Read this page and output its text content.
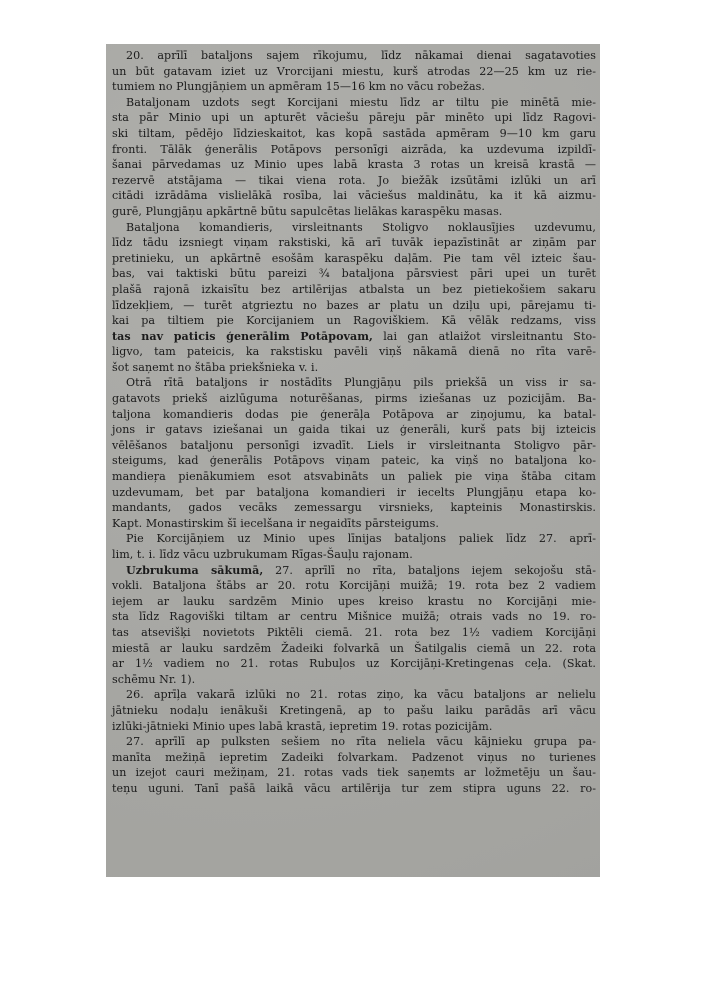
20. aprīlī bataljons sajem rīkojumu, līdz nākamai dienai sagatavoties
un būt gatavam iziet uz Vrorcijani miestu, kurš atrodas 22—25 km uz rie-
tumiem no Plungjāņiem un apmēram 15—16 km no vācu robežas.
Bataljonam uzdots segt Korcijani miestu līdz ar tiltu pie minētā mie-
sta pār Minio upi un apturēt vāciešu pāreju pār minēto upi līdz Ragovi-
ski tiltam, pēdējo līdzieskaitot, kas kopā sastāda apmēram 9—10 km garu
fronti. Tālāk ģenerālis Potāpovs personīgi aizrāda, ka uzdevuma izpildī-
šanai pārvedamas uz Minio upes labā krasta 3 rotas un kreisā krastā —
rezervē atstājama — tikai viena rota. Jo biežāk izsūtāmi izlūki un arī
citādi izrādāma vislielākā rosība, lai vāciešus maldinātu, ka it kā aizmu-
gurē, Plungjāņu apkārtnē būtu sapulcētas lielākas karaspēku masas.
Bataljona komandieris, virsleitnants Stoligvo noklausījies uzdevumu,
līdz tādu izsniegt viņam rakstiski, kā arī tuvāk iepazīstināt ar ziņām par
pretinieku, un apkārtnē esošām karaspēku daļām. Pie tam vēl izteic šau-
bas, vai taktiski būtu pareizi ¾ bataljona pārsviest pāri upei un turēt
plašā rajonā izkaisītu bez artilērijas atbalsta un bez pietiekošiem sakaru
līdzekļiem, — turēt atgrieztu no bazes ar platu un dziļu upi, pārejamu ti-
kai pa tiltiem pie Korcijaniem un Ragoviškiem. Kā vēlāk redzams, viss
tas nav paticis ģenerālim Potāpovam, lai gan atlaižot virsleitnantu Sto-
ligvo, tam pateicis, ka rakstisku pavēli viņš nākamā dienā no rīta varē-
šot saņemt no štāba priekšnieka v. i.
Otrā rītā bataljons ir nostādīts Plungjāņu pils priekšā un viss ir sa-
gatavots priekš aizlūguma noturēšanas, pirms iziešanas uz pozicijām. Ba-
taljona komandieris dodas pie ģenerāļa Potāpova ar ziņojumu, ka batal-
jons ir gatavs iziešanai un gaida tikai uz ģenerāli, kurš pats bij izteicis
vēlēšanos bataljonu personīgi izvadīt. Liels ir virsleitnanta Stoligvo pār-
steigums, kad ģenerālis Potāpovs viņam pateic, ka viņš no bataljona ko-
mandieŗa pienākumiem esot atsvabināts un paliek pie viņa štāba citam
uzdevumam, bet par bataljona komandieri ir iecelts Plungjāņu etapa ko-
mandants, gados vecāks zemessargu virsnieks, kapteinis Monastirskis.
Kapt. Monastirskim šī iecelšana ir negaidīts pārsteigums.
Pie Korcijāņiem uz Minio upes līnijas bataljons paliek līdz 27. aprī-
lim, t. i. līdz vācu uzbrukumam Rīgas-Šauļu rajonam.
Uzbrukuma sākumā, 27. aprīlī no rīta, bataljons iejem sekojošu stā-
vokli. Bataljona štābs ar 20. rotu Korcijāņi muižā; 19. rota bez 2 vadiem
iejem ar lauku sardzēm Minio upes kreiso krastu no Korcijāņi mie-
sta līdz Ragoviški tiltam ar centru Mišnice muižā; otrais vads no 19. ro-
tas atsevišķi novietots Piktēli ciemā. 21. rota bez 1½ vadiem Korcijāņi
miestā ar lauku sardzēm Žadeiki folvarkā un Šatilgalis ciemā un 22. rota
ar 1½ vadiem no 21. rotas Rubuļos uz Korcijāņi-Kretingenas ceļa. (Skat.
schēmu Nr. 1).
26. aprīļa vakarā izlūki no 21. rotas ziņo, ka vācu bataljons ar nelielu
jātnieku nodaļu ienākuši Kretingenā, ap to pašu laiku parādās arī vācu
izlūki-jātnieki Minio upes labā krastā, iepretim 19. rotas pozicijām.
27. aprīlī ap pulksten sešiem no rīta neliela vācu kājnieku grupa pa-
manīta mežiņā iepretim Zadeiki folvarkam. Padzenot viņus no turienes
un izejot cauri mežiņam, 21. rotas vads tiek saņemts ar ložmetēju un šau-
teņu uguni. Tanī pašā laikā vācu artilērija tur zem stipra uguns 22. ro-
